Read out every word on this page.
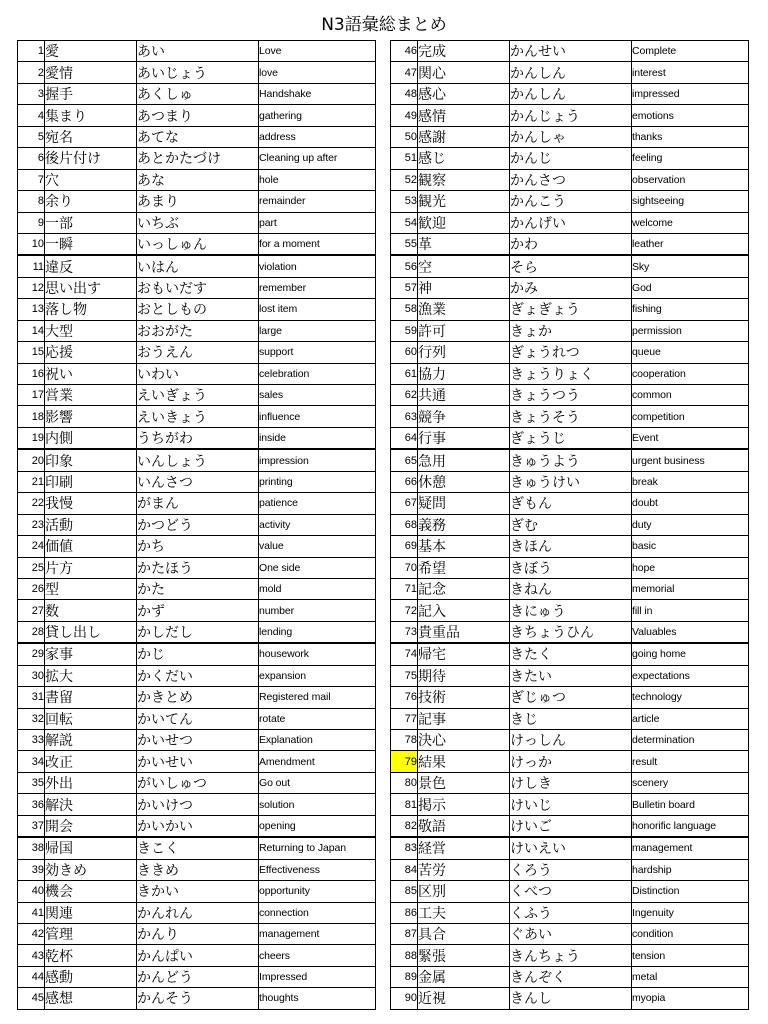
N3語彙総まとめ
1	愛	あい	Love
2	愛情	あいじょう	love
3	握手	あくしゅ	Handshake
4	集まり	あつまり	gathering
5	宛名	あてな	address
6	後片付け	あとかたづけ	Cleaning up after
7	穴	あな	hole
8	余り	あまり	remainder
9	一部	いちぶ	part
10	一瞬	いっしゅん	for a moment
11	違反	いはん	violation
12	思い出す	おもいだす	remember
13	落し物	おとしもの	lost item
14	大型	おおがた	large
15	応援	おうえん	support
16	祝い	いわい	celebration
17	営業	えいぎょう	sales
18	影響	えいきょう	influence
19	内側	うちがわ	inside
20	印象	いんしょう	impression
21	印刷	いんさつ	printing
22	我慢	がまん	patience
23	活動	かつどう	activity
24	価値	かち	value
25	片方	かたほう	One side
26	型	かた	mold
27	数	かず	number
28	貸し出し	かしだし	lending
29	家事	かじ	housework
30	拡大	かくだい	expansion
31	書留	かきとめ	Registered mail
32	回転	かいてん	rotate
33	解説	かいせつ	Explanation
34	改正	かいせい	Amendment
35	外出	がいしゅつ	Go out
36	解決	かいけつ	solution
37	開会	かいかい	opening
38	帰国	きこく	Returning to Japan
39	効きめ	ききめ	Effectiveness
40	機会	きかい	opportunity
41	関連	かんれん	connection
42	管理	かんり	management
43	乾杯	かんぱい	cheers
44	感動	かんどう	Impressed
45	感想	かんそう	thoughts
46	完成	かんせい	Complete
47	関心	かんしん	interest
48	感心	かんしん	impressed
49	感情	かんじょう	emotions
50	感謝	かんしゃ	thanks
51	感じ	かんじ	feeling
52	観察	かんさつ	observation
53	観光	かんこう	sightseeing
54	歓迎	かんげい	welcome
55	革	かわ	leather
56	空	そら	Sky
57	神	かみ	God
58	漁業	ぎょぎょう	fishing
59	許可	きょか	permission
60	行列	ぎょうれつ	queue
61	協力	きょうりょく	cooperation
62	共通	きょうつう	common
63	競争	きょうそう	competition
64	行事	ぎょうじ	Event
65	急用	きゅうよう	urgent business
66	休憩	きゅうけい	break
67	疑問	ぎもん	doubt
68	義務	ぎむ	duty
69	基本	きほん	basic
70	希望	きぼう	hope
71	記念	きねん	memorial
72	記入	きにゅう	fill in
73	貴重品	きちょうひん	Valuables
74	帰宅	きたく	going home
75	期待	きたい	expectations
76	技術	ぎじゅつ	technology
77	記事	きじ	article
78	決心	けっしん	determination
79	結果	けっか	result
80	景色	けしき	scenery
81	掲示	けいじ	Bulletin board
82	敬語	けいご	honorific language
83	経営	けいえい	management
84	苦労	くろう	hardship
85	区別	くべつ	Distinction
86	工夫	くふう	Ingenuity
87	具合	ぐあい	condition
88	緊張	きんちょう	tension
89	金属	きんぞく	metal
90	近視	きんし	myopia
